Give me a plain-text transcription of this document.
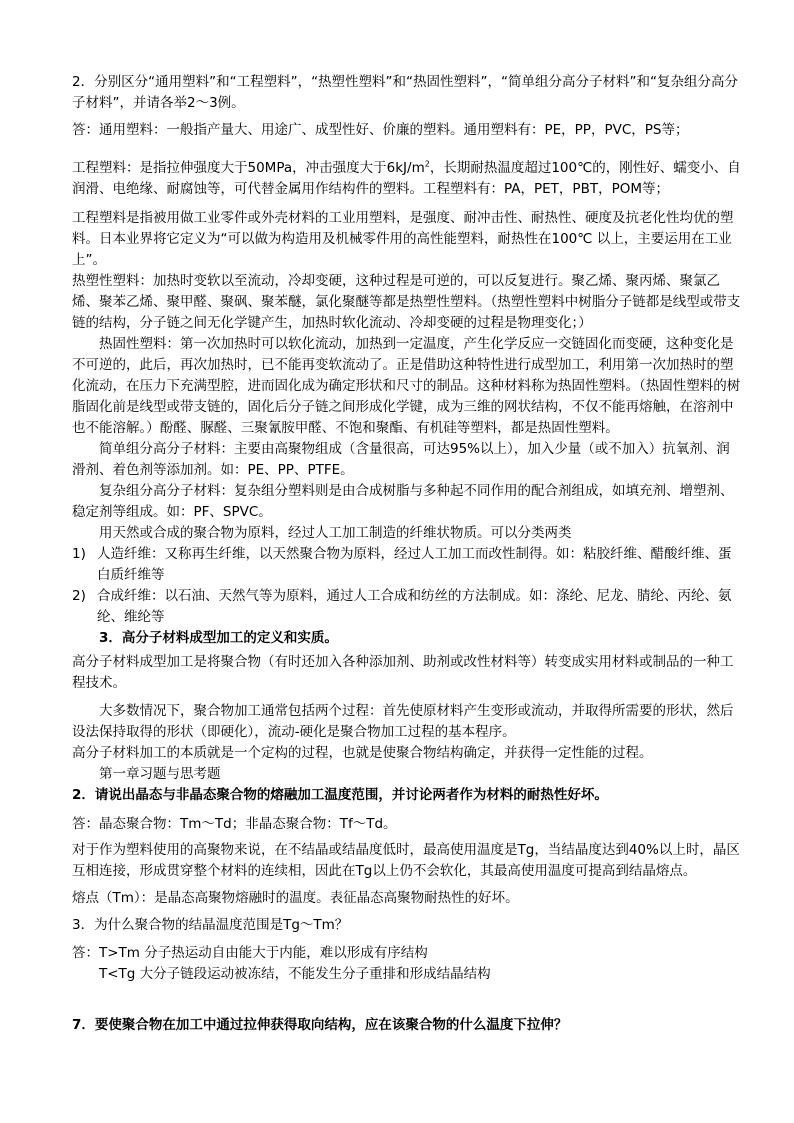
2．分别区分“通用塑料”和“工程塑料”，“热塑性塑料”和“热固性塑料”，“简单组分高分子材料”和“复杂组分高分子材料”，并请各举2～3例。
答：通用塑料：一般指产量大、用途广、成型性好、价廉的塑料。通用塑料有：PE，PP，PVC，PS等；
工程塑料：是指拉伸强度大于50MPa，冲击强度大于$6kJ/m^2$，长期耐热温度超过100℃的，刚性好、蠕变小、自润滑、电绝缘、耐腐蚀等，可代替金属用作结构件的塑料。工程塑料有：PA，PET，PBT，POM等；
工程塑料是指被用做工业零件或外壳材料的工业用塑料，是强度、耐冲击性、耐热性、硬度及抗老化性均优的塑料。日本业界将它定义为“可以做为构造用及机械零件用的高性能塑料，耐热性在100℃ 以上，主要运用在工业上”。
热塑性塑料：加热时变软以至流动，冷却变硬，这种过程是可逆的，可以反复进行。聚乙烯、聚丙烯、聚氯乙烯、聚苯乙烯、聚甲醛、聚砜、聚苯醚，氯化聚醚等都是热塑性塑料。（热塑性塑料中树脂分子链都是线型或带支链的结构，分子链之间无化学键产生，加热时软化流动、冷却变硬的过程是物理变化；）
热固性塑料：第一次加热时可以软化流动，加热到一定温度，产生化学反应一交链固化而变硬，这种变化是不可逆的，此后，再次加热时，已不能再变软流动了。正是借助这种特性进行成型加工，利用第一次加热时的塑化流动，在压力下充满型腔，进而固化成为确定形状和尺寸的制品。这种材料称为热固性塑料。（热固性塑料的树脂固化前是线型或带支链的，固化后分子链之间形成化学键，成为三维的网状结构，不仅不能再熔触，在溶剂中也不能溶解。）酚醛、脲醛、三聚氰胺甲醛、不饱和聚酯、有机硅等塑料，都是热固性塑料。
简单组分高分子材料：主要由高聚物组成（含量很高，可达95%以上），加入少量（或不加入）抗氧剂、润滑剂、着色剂等添加剂。如：PE、PP、PTFE。
复杂组分高分子材料：复杂组分塑料则是由合成树脂与多种起不同作用的配合剂组成，如填充剂、增塑剂、稳定剂等组成。如：PF、SPVC。
用天然或合成的聚合物为原料，经过人工加工制造的纤维状物质。可以分类两类
1) 人造纤维：又称再生纤维，以天然聚合物为原料，经过人工加工而改性制得。如：粘胶纤维、醋酸纤维、蛋白质纤维等
2) 合成纤维：以石油、天然气等为原料，通过人工合成和纺丝的方法制成。如：涤纶、尼龙、腈纶、丙纶、氨纶、维纶等
3．高分子材料成型加工的定义和实质。
高分子材料成型加工是将聚合物（有时还加入各种添加剂、助剂或改性材料等）转变成实用材料或制品的一种工程技术。
大多数情况下，聚合物加工通常包括两个过程：首先使原材料产生变形或流动，并取得所需要的形状，然后设法保持取得的形状（即硬化），流动-硬化是聚合物加工过程的基本程序。
高分子材料加工的本质就是一个定构的过程，也就是使聚合物结构确定，并获得一定性能的过程。
第一章习题与思考题
2．请说出晶态与非晶态聚合物的熔融加工温度范围，并讨论两者作为材料的耐热性好坏。
答：晶态聚合物：Tm～Td；非晶态聚合物：Tf～Td。
对于作为塑料使用的高聚物来说，在不结晶或结晶度低时，最高使用温度是Tg，当结晶度达到40%以上时，晶区互相连接，形成贯穿整个材料的连续相，因此在Tg以上仍不会软化，其最高使用温度可提高到结晶熔点。
熔点（Tm）：是晶态高聚物熔融时的温度。表征晶态高聚物耐热性的好坏。
3．为什么聚合物的结晶温度范围是Tg～Tm？
答：T>Tm 分子热运动自由能大于内能，难以形成有序结构
T<Tg 大分子链段运动被冻结，不能发生分子重排和形成结晶结构
7．要使聚合物在加工中通过拉伸获得取向结构，应在该聚合物的什么温度下拉伸？
